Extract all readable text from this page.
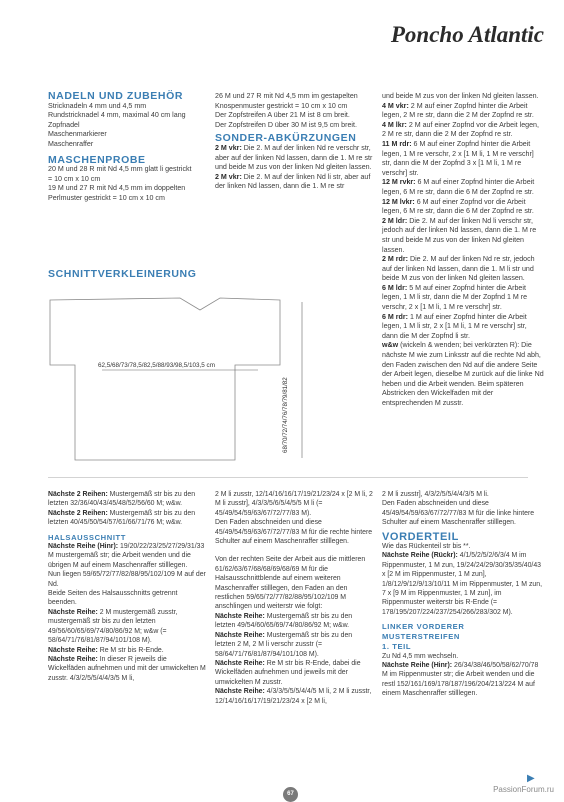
Poncho Atlantic
NADELN UND ZUBEHÖR

Stricknadeln 4 mm und 4,5 mm

Rundstricknadel 4 mm, maximal 40 cm lang

Zopfnadel

Maschenmarkierer

Maschenraffer

MASCHENPROBE

20 M und 28 R mit Nd 4,5 mm glatt li gestrickt

= 10 cm x 10 cm

19 M und 27 R mit Nd 4,5 mm im doppelten

Perlmuster gestrickt = 10 cm x 10 cm

26 M und 27 R mit Nd 4,5 mm im gestapelten

Knospenmuster gestrickt = 10 cm x 10 cm

Der Zopfstreifen A über 21 M ist 8 cm breit.

Der Zopfstreifen D über 30 M ist 9,5 cm breit.

SONDER-ABKÜRZUNGEN

2 M vkr: Die 2. M auf der linken Nd re verschr str, aber auf der linken Nd lassen, dann die 1. M re str und beide M zus von der linken Nd gleiten lassen.

2 M vkr: Die 2. M auf der linken Nd li str, aber auf der linken Nd lassen, dann die 1. M re str

und beide M zus von der linken Nd gleiten lassen.

4 M vkr: 2 M auf einer Zopfnd hinter die Arbeit legen, 2 M re str, dann die 2 M der Zopfnd re str.

4 M lkr: 2 M auf einer Zopfnd vor die Arbeit legen, 2 M re str, dann die 2 M der Zopfnd re str.

11 M rdr: 6 M auf einer Zopfnd hinter die Arbeit legen, 1 M re verschr, 2 x [1 M li, 1 M re verschr] str, dann die M der Zopfnd 3 x [1 M li, 1 M re verschr] str.

12 M rvkr: 6 M auf einer Zopfnd hinter die Arbeit legen, 6 M re str, dann die 6 M der Zopfnd re str.

12 M lvkr: 6 M auf einer Zopfnd vor die Arbeit legen, 6 M re str, dann die 6 M der Zopfnd re str.

2 M ldr: Die 2. M auf der linken Nd li verschr str, jedoch auf der linken Nd lassen, dann die 1. M re str und beide M zus von der linken Nd gleiten lassen.

2 M rdr: Die 2. M auf der linken Nd re str, jedoch auf der linken Nd lassen, dann die 1. M li str und beide M zus von der linken Nd gleiten lassen.

6 M ldr: 5 M auf einer Zopfnd hinter die Arbeit legen, 1 M li str, dann die M der Zopfnd 1 M re verschr, 2 x [1 M li, 1 M re verschr] str.

6 M rdr: 1 M auf einer Zopfnd hinter die Arbeit legen, 1 M li str, 2 x [1 M li, 1 M re verschr] str, dann die M der Zopfnd li str.

w&w (wickeln & wenden; bei verkürzten R): Die nächste M wie zum Linksstr auf die rechte Nd abh, den Faden zwischen den Nd auf die andere Seite der Arbeit legen, dieselbe M zurück auf die linke Nd heben und die Arbeit wenden. Beim späteren Abstricken den Wickelfaden mit der entsprechenden M zusstr.

SCHNITTVERKLEINERUNG
62,5/68/73/78,5/82,5/88/93/98,5/103,5 cm
68/70/72/74/76/78/79/81/82

Nächste 2 Reihen: Mustergemäß str bis zu den letzten 32/36/40/43/45/48/52/56/60 M; w&w.

Nächste 2 Reihen: Mustergemäß str bis zu den letzten 40/45/50/54/57/61/66/71/76 M; w&w.

HALSAUSSCHNITT

Nächste Reihe (Hinr): 19/20/22/23/25/27/29/31/33 M mustergemäß str; die Arbeit wenden und die übrigen M auf einem Maschenraffer stilllegen.

Nun liegen 59/65/72/77/82/88/95/102/109 M auf der Nd.

Beide Seiten des Halsausschnitts getrennt beenden.

Nächste Reihe: 2 M mustergemäß zusstr, mustergemäß str bis zu den letzten 49/56/60/65/69/74/80/86/92 M; w&w (= 58/64/71/76/81/87/94/101/108 M).

Nächste Reihe: Re M str bis R-Ende.

Nächste Reihe: In dieser R jeweils die Wickelfäden aufnehmen und mit der umwickelten M zusstr. 4/3/2/5/5/4/4/3/5 M li,

2 M li zusstr, 12/14/16/16/17/19/21/23/24 x [2 M li, 2 M li zusstr], 4/3/3/5/6/5/4/5/5 M li (= 45/49/54/59/63/67/72/77/83 M).

Den Faden abschneiden und diese 45/49/54/59/63/67/72/77/83 M für die rechte hintere Schulter auf einem Maschenraffer stilllegen.

Von der rechten Seite der Arbeit aus die mittleren 61/62/63/67/68/68/69/68/69 M für die Halsausschnittblende auf einem weiteren Maschenraffer stilllegen, den Faden an den restlichen 59/65/72/77/82/88/95/102/109 M anschlingen und weiterstr wie folgt:

Nächste Reihe: Mustergemäß str bis zu den letzten 49/54/60/65/69/74/80/86/92 M; w&w.

Nächste Reihe: Mustergemäß str bis zu den letzten 2 M, 2 M li verschr zusstr (= 58/64/71/76/81/87/94/101/108 M).

Nächste Reihe: Re M str bis R-Ende, dabei die Wickelfäden aufnehmen und jeweils mit der umwickelten M zusstr.

Nächste Reihe: 4/3/3/5/5/5/4/4/5 M li, 2 M li zusstr, 12/14/16/16/17/19/21/23/24 x [2 M li,

2 M li zusstr], 4/3/2/5/5/4/4/3/5 M li.

Den Faden abschneiden und diese 45/49/54/59/63/67/72/77/83 M für die linke hintere Schulter auf einem Maschenraffer stilllegen.

VORDERTEIL

Wie das Rückenteil str bis **.

Nächste Reihe (Rückr): 4/1/5/2/5/2/6/3/4 M im Rippenmuster, 1 M zun, 19/24/24/29/30/35/35/40/43 x [2 M im Rippenmuster, 1 M zun], 1/8/12/9/12/9/13/10/11 M im Rippenmuster, 1 M zun, 7 x [9 M im Rippenmuster, 1 M zun], im Rippenmuster weiterstr bis R-Ende (= 178/195/207/224/237/254/266/283/302 M).

LINKER VORDERER MUSTERSTREIFEN
1. TEIL

Zu Nd 4,5 mm wechseln.

Nächste Reihe (Hinr): 26/34/38/46/50/58/62/70/78 M im Rippenmuster str; die Arbeit wenden und die restl 152/161/169/178/187/196/204/213/224 M auf einem Maschenraffer stilllegen.

▶
67	PassionForum.ru
